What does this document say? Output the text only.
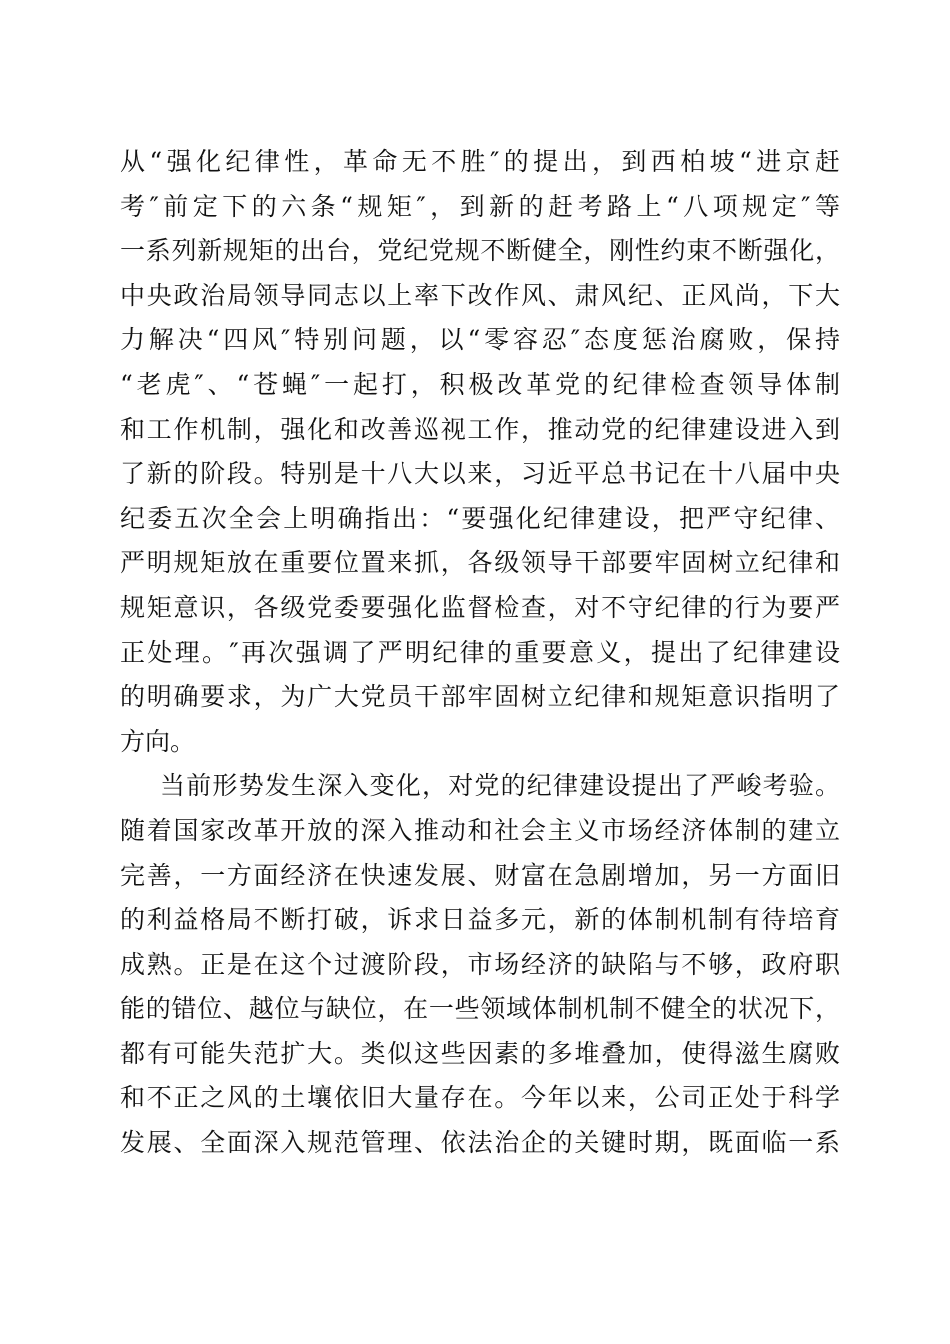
从“强化纪律性，革命无不胜″的提出，到西柏坡“进京赶
考″前定下的六条“规矩″，到新的赶考路上“八项规定″等
一系列新规矩的出台，党纪党规不断健全，刚性约束不断强化，
中央政治局领导同志以上率下改作风、肃风纪、正风尚，下大
力解决“四风″特别问题，以“零容忍″态度惩治腐败，保持
“老虎″、“苍蝇″一起打，积极改革党的纪律检查领导体制
和工作机制，强化和改善巡视工作，推动党的纪律建设进入到
了新的阶段。特别是十八大以来，习近平总书记在十八届中央
纪委五次全会上明确指出：“要强化纪律建设，把严守纪律、
严明规矩放在重要位置来抓，各级领导干部要牢固树立纪律和
规矩意识，各级党委要强化监督检查，对不守纪律的行为要严
正处理。″再次强调了严明纪律的重要意义，提出了纪律建设
的明确要求，为广大党员干部牢固树立纪律和规矩意识指明了
方向。
当前形势发生深入变化，对党的纪律建设提出了严峻考验。
随着国家改革开放的深入推动和社会主义市场经济体制的建立
完善，一方面经济在快速发展、财富在急剧增加，另一方面旧
的利益格局不断打破，诉求日益多元，新的体制机制有待培育
成熟。正是在这个过渡阶段，市场经济的缺陷与不够，政府职
能的错位、越位与缺位，在一些领域体制机制不健全的状况下，
都有可能失范扩大。类似这些因素的多堆叠加，使得滋生腐败
和不正之风的土壤依旧大量存在。今年以来，公司正处于科学
发展、全面深入规范管理、依法治企的关键时期，既面临一系
